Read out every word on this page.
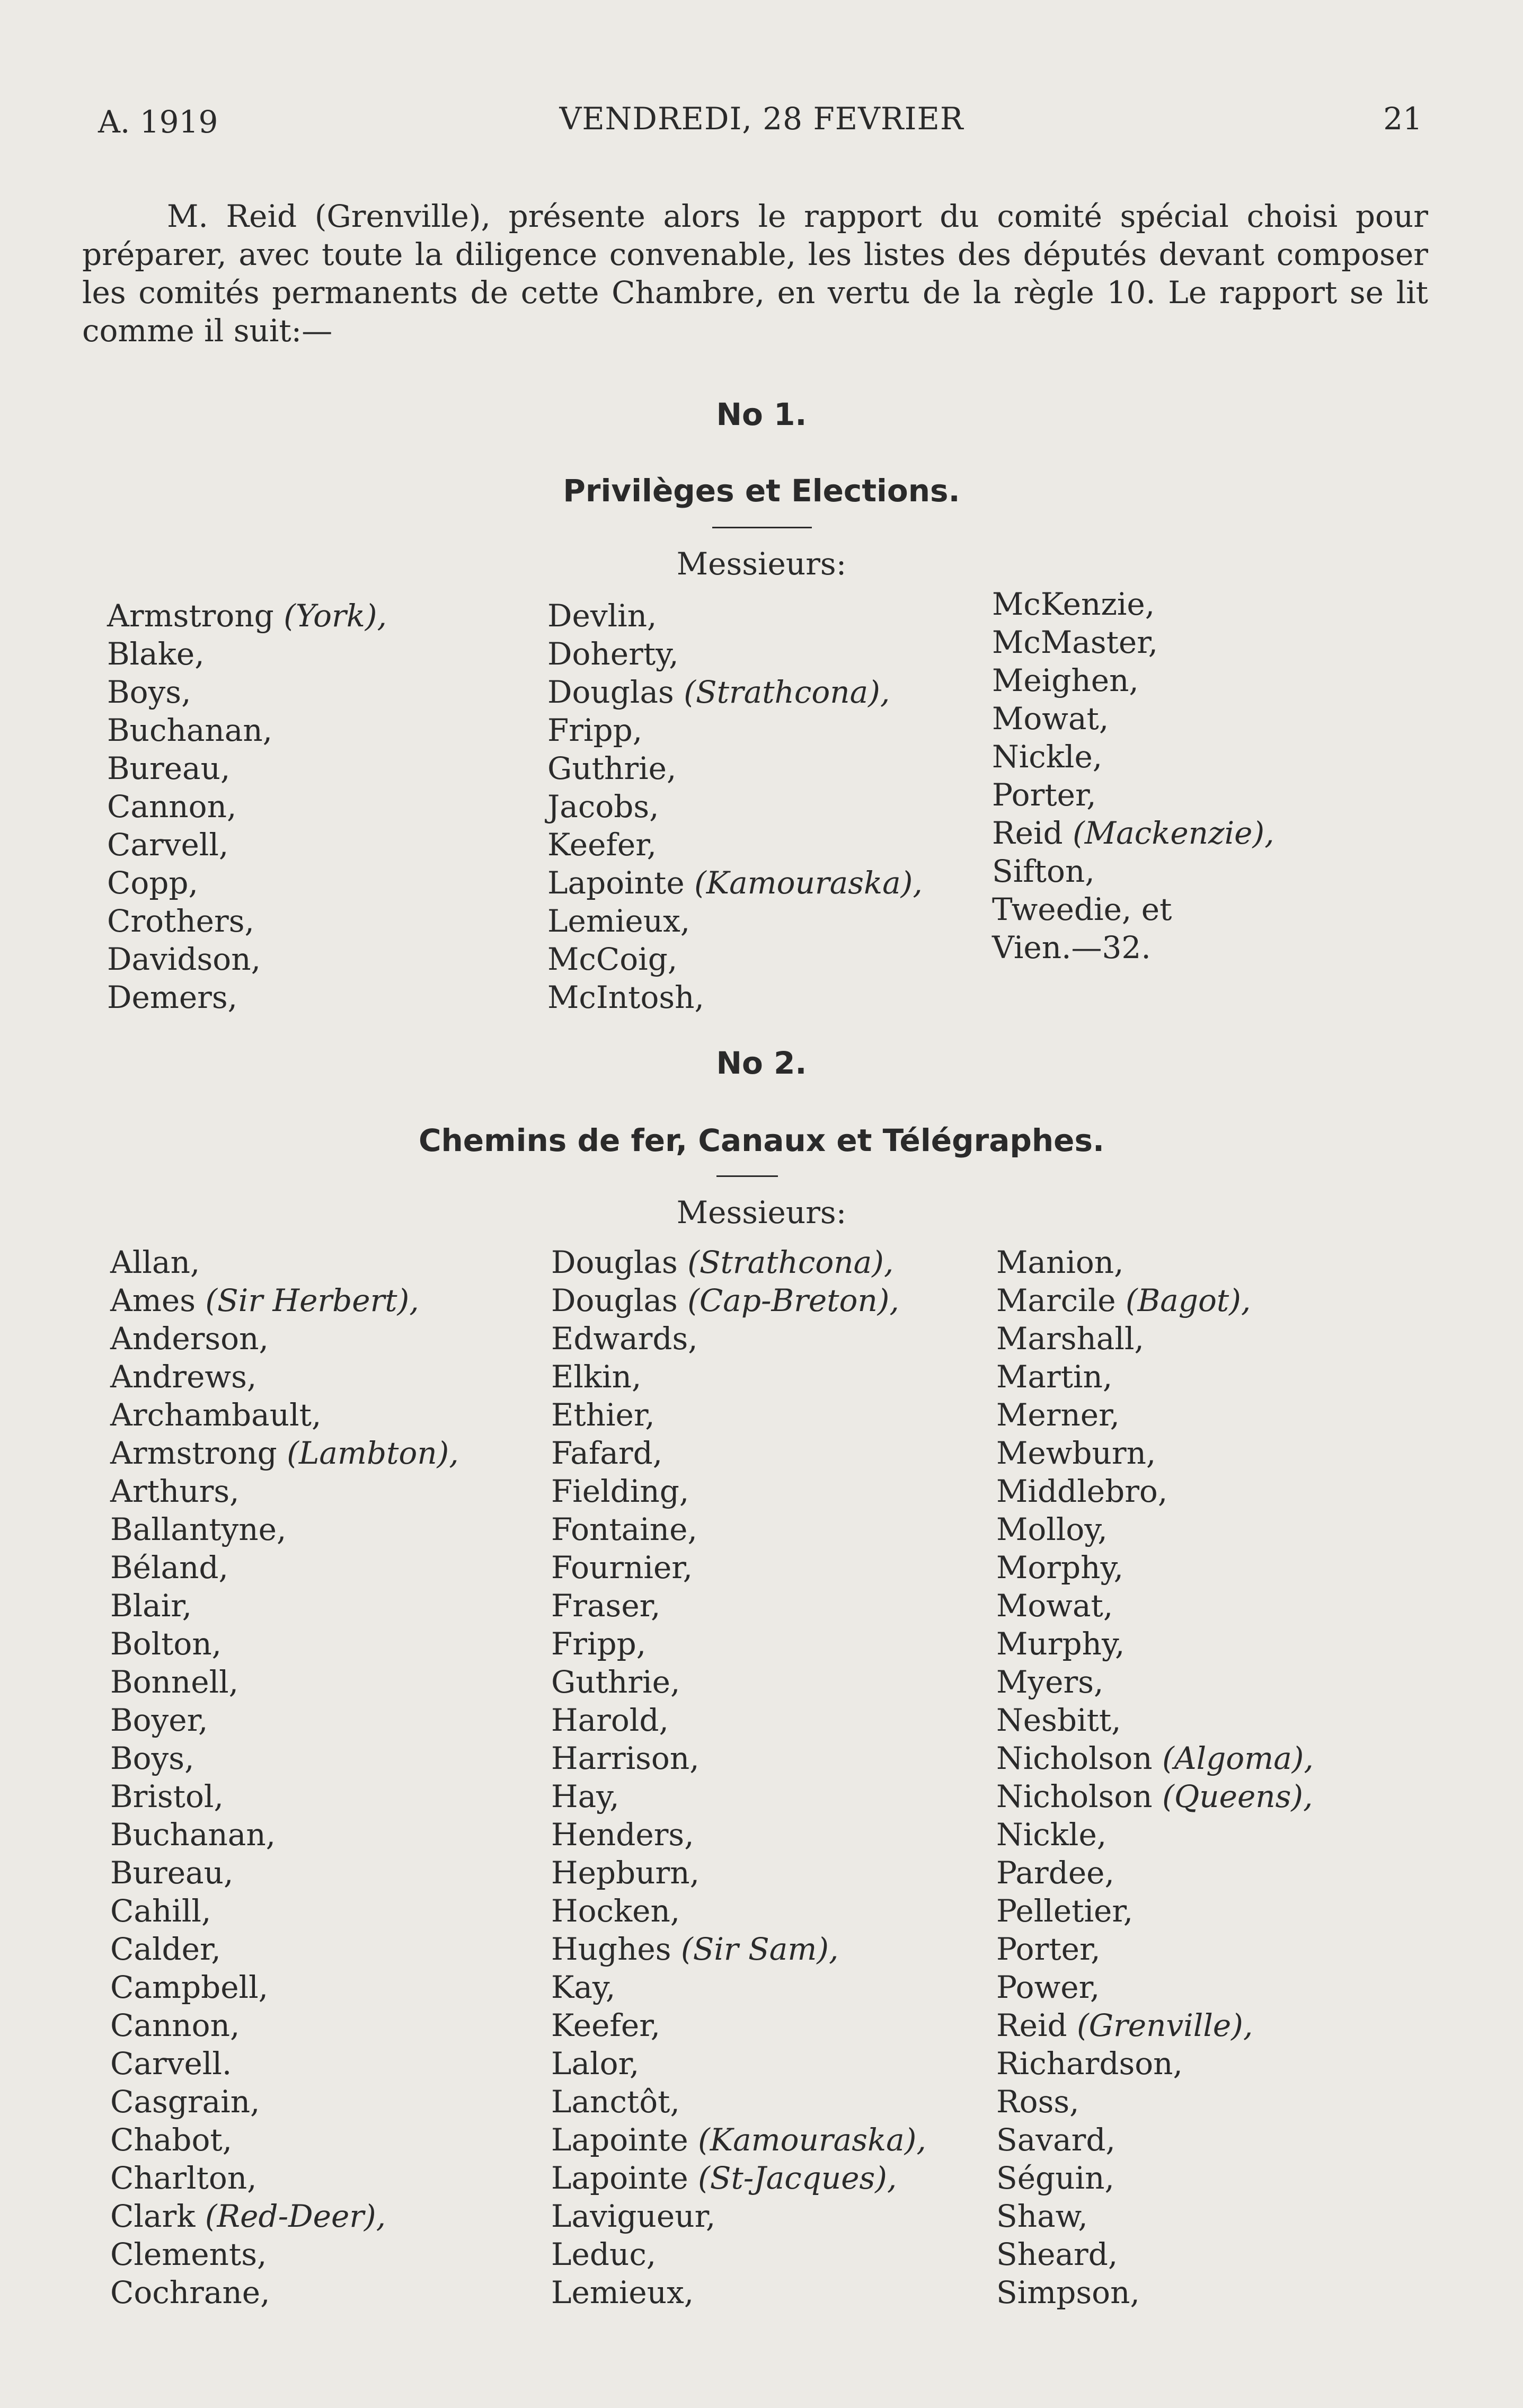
A. 1919	VENDREDI, 28 FEVRIER	21
M. Reid (Grenville), présente alors le rapport du comité spécial choisi pour préparer, avec toute la diligence convenable, les listes des députés devant composer les comités permanents de cette Chambre, en vertu de la règle 10. Le rapport se lit comme il suit:—
No 1.
Privilèges et Elections.
Messieurs:
Armstrong (York),
Blake,
Boys,
Buchanan,
Bureau,
Cannon,
Carvell,
Copp,
Crothers,
Davidson,
Demers,
Devlin,
Doherty,
Douglas (Strathcona),
Fripp,
Guthrie,
Jacobs,
Keefer,
Lapointe (Kamouraska),
Lemieux,
McCoig,
McIntosh,
McKenzie,
McMaster,
Meighen,
Mowat,
Nickle,
Porter,
Reid (Mackenzie),
Sifton,
Tweedie, et
Vien.—32.
No 2.
Chemins de fer, Canaux et Télégraphes.
Messieurs:
Allan,
Ames (Sir Herbert),
Anderson,
Andrews,
Archambault,
Armstrong (Lambton),
Arthurs,
Ballantyne,
Béland,
Blair,
Bolton,
Bonnell,
Boyer,
Boys,
Bristol,
Buchanan,
Bureau,
Cahill,
Calder,
Campbell,
Cannon,
Carvell.
Casgrain,
Chabot,
Charlton,
Clark (Red-Deer),
Clements,
Cochrane,
Douglas (Strathcona),
Douglas (Cap-Breton),
Edwards,
Elkin,
Ethier,
Fafard,
Fielding,
Fontaine,
Fournier,
Fraser,
Fripp,
Guthrie,
Harold,
Harrison,
Hay,
Henders,
Hepburn,
Hocken,
Hughes (Sir Sam),
Kay,
Keefer,
Lalor,
Lanctôt,
Lapointe (Kamouraska),
Lapointe (St-Jacques),
Lavigueur,
Leduc,
Lemieux,
Manion,
Marcile (Bagot),
Marshall,
Martin,
Merner,
Mewburn,
Middlebro,
Molloy,
Morphy,
Mowat,
Murphy,
Myers,
Nesbitt,
Nicholson (Algoma),
Nicholson (Queens),
Nickle,
Pardee,
Pelletier,
Porter,
Power,
Reid (Grenville),
Richardson,
Ross,
Savard,
Séguin,
Shaw,
Sheard,
Simpson,
